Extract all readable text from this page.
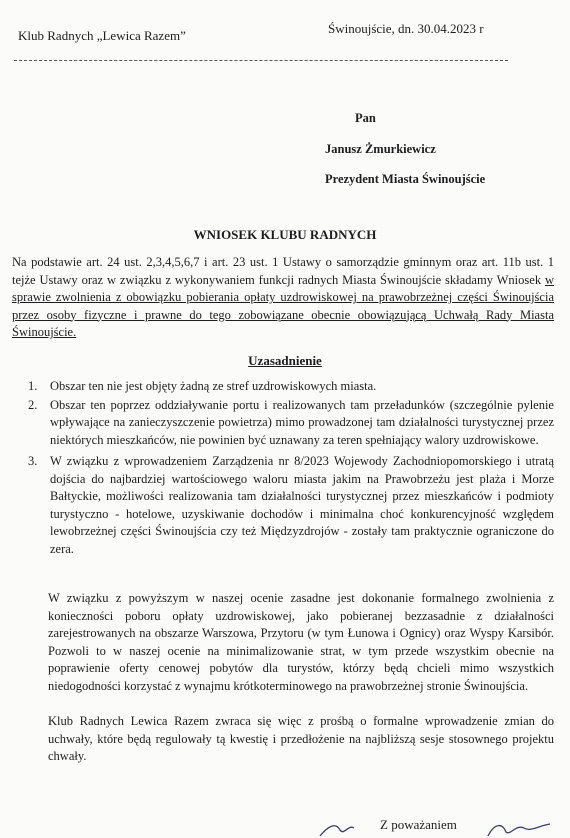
Klub Radnych „Lewica Razem”	Świnoujście, dn. 30.04.2023 r
Pan
Janusz Żmurkiewicz
Prezydent Miasta Świnoujście
WNIOSEK KLUBU RADNYCH
Na podstawie art. 24 ust. 2,3,4,5,6,7 i art. 23 ust. 1 Ustawy o samorządzie gminnym oraz art. 11b ust. 1 tejże Ustawy oraz w związku z wykonywaniem funkcji radnych Miasta Świnoujście składamy Wniosek w sprawie zwolnienia z obowiązku pobierania opłaty uzdrowiskowej na prawobrzeżnej części Świnoujścia przez osoby fizyczne i prawne do tego zobowiązane obecnie obowiązującą Uchwałą Rady Miasta Świnoujście.
Uzasadnienie
1.	Obszar ten nie jest objęty żadną ze stref uzdrowiskowych miasta.
2.	Obszar ten poprzez oddziaływanie portu i realizowanych tam przeładunków (szczególnie pylenie wpływające na zanieczyszczenie powietrza) mimo prowadzonej tam działalności turystycznej przez niektórych mieszkańców, nie powinien być uznawany za teren spełniający walory uzdrowiskowe.
3.	W związku z wprowadzeniem Zarządzenia nr 8/2023 Wojewody Zachodniopomorskiego i utratą dojścia do najbardziej wartościowego waloru miasta jakim na Prawobrzeżu jest plaża i Morze Bałtyckie, możliwości realizowania tam działalności turystycznej przez mieszkańców i podmioty turystyczno - hotelowe, uzyskiwanie dochodów i minimalna choć konkurencyjność względem lewobrzeżnej części Świnoujścia czy też Międzyzdrojów - zostały tam praktycznie ograniczone do zera.
W związku z powyższym w naszej ocenie zasadne jest dokonanie formalnego zwolnienia z konieczności poboru opłaty uzdrowiskowej, jako pobieranej bezzasadnie z działalności zarejestrowanych na obszarze Warszowa, Przytoru (w tym Łunowa i Ognicy) oraz Wyspy Karsibór. Pozwoli to w naszej ocenie na minimalizowanie strat, w tym przede wszystkim obecnie na poprawienie oferty cenowej pobytów dla turystów, którzy będą chcieli mimo wszystkich niedogodności korzystać z wynajmu krótkoterminowego na prawobrzeżnej stronie Świnoujścia.
Klub Radnych Lewica Razem zwraca się więc z prośbą o formalne wprowadzenie zmian do uchwały, które będą regulowały tą kwestię i przedłożenie na najbliższą sesje stosownego projektu chwały.
Z poważaniem
